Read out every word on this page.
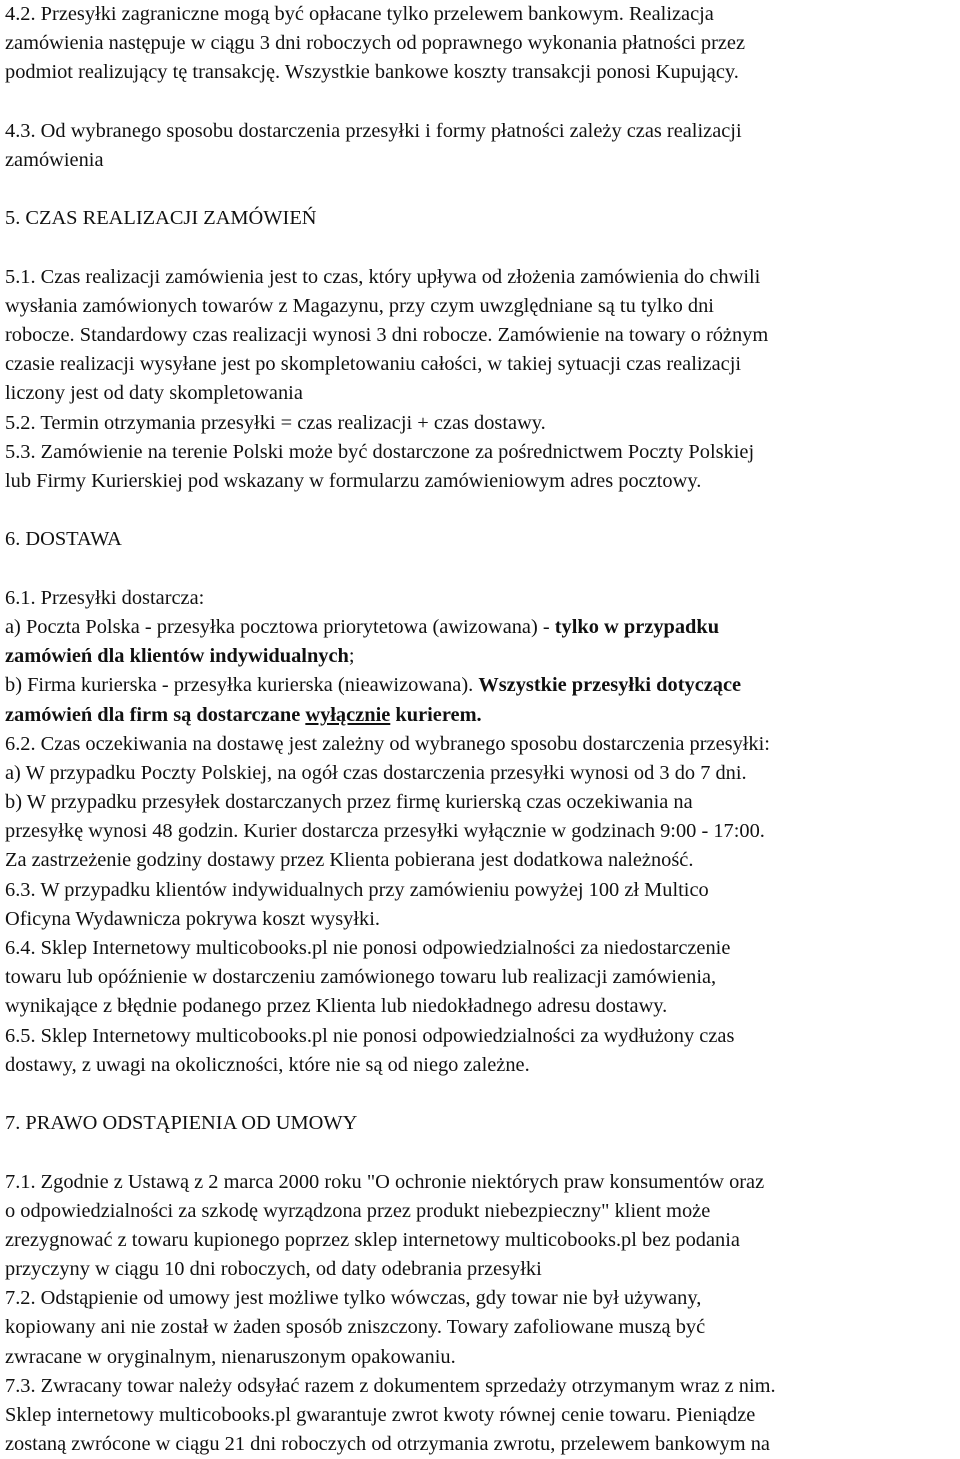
4.2. Przesyłki zagraniczne mogą być opłacane tylko przelewem bankowym. Realizacja
zamówienia następuje w ciągu 3 dni roboczych od poprawnego wykonania płatności przez
podmiot realizujący tę transakcję. Wszystkie bankowe koszty transakcji ponosi Kupujący.
4.3. Od wybranego sposobu dostarczenia przesyłki i formy płatności zależy czas realizacji
zamówienia
5. CZAS REALIZACJI ZAMÓWIEŃ
5.1. Czas realizacji zamówienia jest to czas, który upływa od złożenia zamówienia do chwili
wysłania zamówionych towarów z Magazynu, przy czym uwzględniane są tu tylko dni
robocze. Standardowy czas realizacji wynosi 3 dni robocze. Zamówienie na towary o różnym
czasie realizacji wysyłane jest po skompletowaniu całości, w takiej sytuacji czas realizacji
liczony jest od daty skompletowania
5.2. Termin otrzymania przesyłki = czas realizacji + czas dostawy.
5.3. Zamówienie na terenie Polski może być dostarczone za pośrednictwem Poczty Polskiej
lub Firmy Kurierskiej pod wskazany w formularzu zamówieniowym adres pocztowy.
6. DOSTAWA
6.1. Przesyłki dostarcza:
a) Poczta Polska - przesyłka pocztowa priorytetowa (awizowana) - tylko w przypadku
zamówień dla klientów indywidualnych;
b) Firma kurierska - przesyłka kurierska (nieawizowana). Wszystkie przesyłki dotyczące
zamówień dla firm są dostarczane wyłącznie kurierem.
6.2. Czas oczekiwania na dostawę jest zależny od wybranego sposobu dostarczenia przesyłki:
a) W przypadku Poczty Polskiej, na ogół czas dostarczenia przesyłki wynosi od 3 do 7 dni.
b) W przypadku przesyłek dostarczanych przez firmę kurierską czas oczekiwania na
przesyłkę wynosi 48 godzin. Kurier dostarcza przesyłki wyłącznie w godzinach 9:00 - 17:00.
Za zastrzeżenie godziny dostawy przez Klienta pobierana jest dodatkowa należność.
6.3. W przypadku klientów indywidualnych przy zamówieniu powyżej 100 zł Multico
Oficyna Wydawnicza pokrywa koszt wysyłki.
6.4. Sklep Internetowy multicobooks.pl nie ponosi odpowiedzialności za niedostarczenie
towaru lub opóźnienie w dostarczeniu zamówionego towaru lub realizacji zamówienia,
wynikające z błędnie podanego przez Klienta lub niedokładnego adresu dostawy.
6.5. Sklep Internetowy multicobooks.pl nie ponosi odpowiedzialności za wydłużony czas
dostawy, z uwagi na okoliczności, które nie są od niego zależne.
7. PRAWO ODSTĄPIENIA OD UMOWY
7.1. Zgodnie z Ustawą z 2 marca 2000 roku "O ochronie niektórych praw konsumentów oraz
o odpowiedzialności za szkodę wyrządzona przez produkt niebezpieczny" klient może
zrezygnować z towaru kupionego poprzez sklep internetowy multicobooks.pl bez podania
przyczyny w ciągu 10 dni roboczych, od daty odebrania przesyłki
7.2. Odstąpienie od umowy jest możliwe tylko wówczas, gdy towar nie był używany,
kopiowany ani nie został w żaden sposób zniszczony. Towary zafoliowane muszą być
zwracane w oryginalnym, nienaruszonym opakowaniu.
7.3. Zwracany towar należy odsyłać razem z dokumentem sprzedaży otrzymanym wraz z nim.
Sklep internetowy multicobooks.pl gwarantuje zwrot kwoty równej cenie towaru. Pieniądze
zostaną zwrócone w ciągu 21 dni roboczych od otrzymania zwrotu, przelewem bankowym na
